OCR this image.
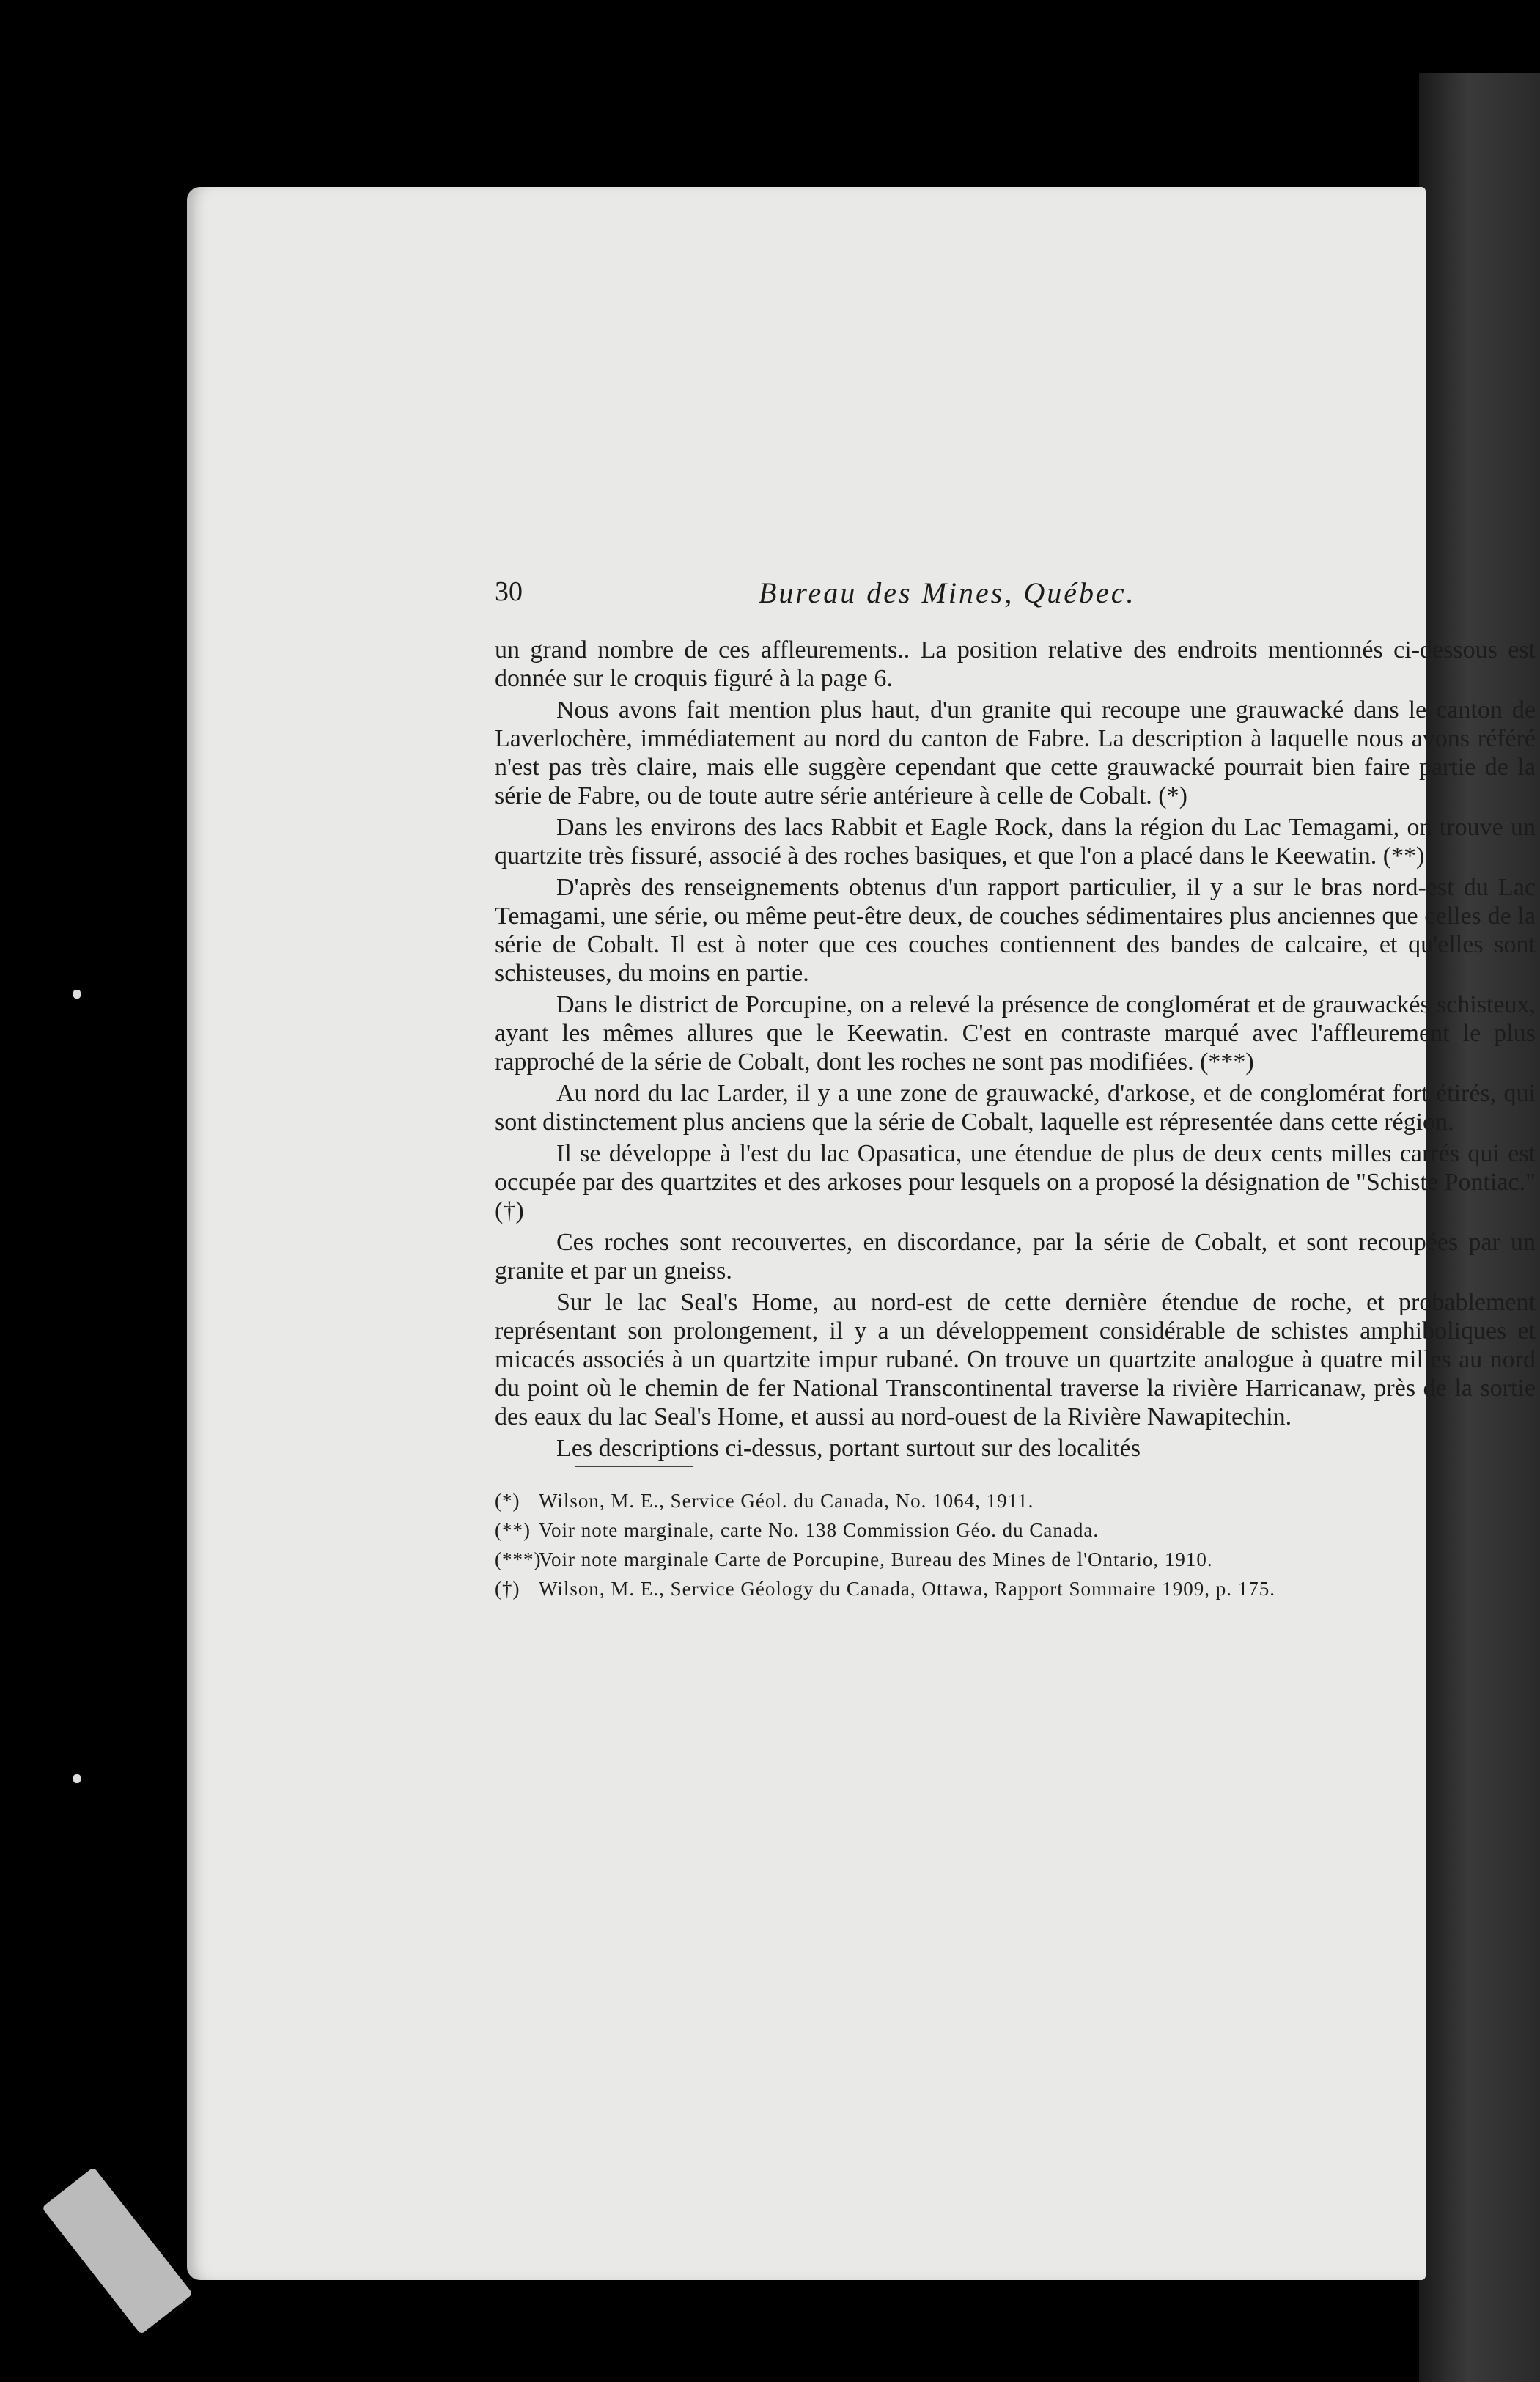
30	Bureau des Mines, Québec.

un grand nombre de ces affleurements.. La position relative des endroits mentionnés ci-dessous est donnée sur le croquis figuré à la page 6.

Nous avons fait mention plus haut, d'un granite qui recoupe une grauwacké dans le canton de Laverlochère, immédiatement au nord du canton de Fabre. La description à laquelle nous avons référé n'est pas très claire, mais elle suggère cependant que cette grauwacké pourrait bien faire partie de la série de Fabre, ou de toute autre série antérieure à celle de Cobalt. (*)

Dans les environs des lacs Rabbit et Eagle Rock, dans la région du Lac Temagami, on trouve un quartzite très fissuré, associé à des roches basiques, et que l'on a placé dans le Keewatin. (**)

D'après des renseignements obtenus d'un rapport particulier, il y a sur le bras nord-est du Lac Temagami, une série, ou même peut-être deux, de couches sédimentaires plus anciennes que celles de la série de Cobalt. Il est à noter que ces couches contiennent des bandes de calcaire, et qu'elles sont schisteuses, du moins en partie.

Dans le district de Porcupine, on a relevé la présence de conglomérat et de grauwackés schisteux, ayant les mêmes allures que le Keewatin. C'est en contraste marqué avec l'affleurement le plus rapproché de la série de Cobalt, dont les roches ne sont pas modifiées. (***)

Au nord du lac Larder, il y a une zone de grauwacké, d'arkose, et de conglomérat fort étirés, qui sont distinctement plus anciens que la série de Cobalt, laquelle est répresentée dans cette région.

Il se développe à l'est du lac Opasatica, une étendue de plus de deux cents milles carrés qui est occupée par des quartzites et des arkoses pour lesquels on a proposé la désignation de "Schiste Pontiac." (†)

Ces roches sont recouvertes, en discordance, par la série de Cobalt, et sont recoupées par un granite et par un gneiss.

Sur le lac Seal's Home, au nord-est de cette dernière étendue de roche, et probablement représentant son prolongement, il y a un développement considérable de schistes amphiboliques et micacés associés à un quartzite impur rubané. On trouve un quartzite analogue à quatre milles au nord du point où le chemin de fer National Transcontinental traverse la rivière Harricanaw, près de la sortie des eaux du lac Seal's Home, et aussi au nord-ouest de la Rivière Nawapitechin.

Les descriptions ci-dessus, portant surtout sur des localités

(*) Wilson, M. E., Service Géol. du Canada, No. 1064, 1911.

(**) Voir note marginale, carte No. 138 Commission Géo. du Canada.

(***)Voir note marginale Carte de Porcupine, Bureau des Mines de l'Ontario, 1910.

(†) Wilson, M. E., Service Géology du Canada, Ottawa, Rapport Sommaire 1909, p. 175.
